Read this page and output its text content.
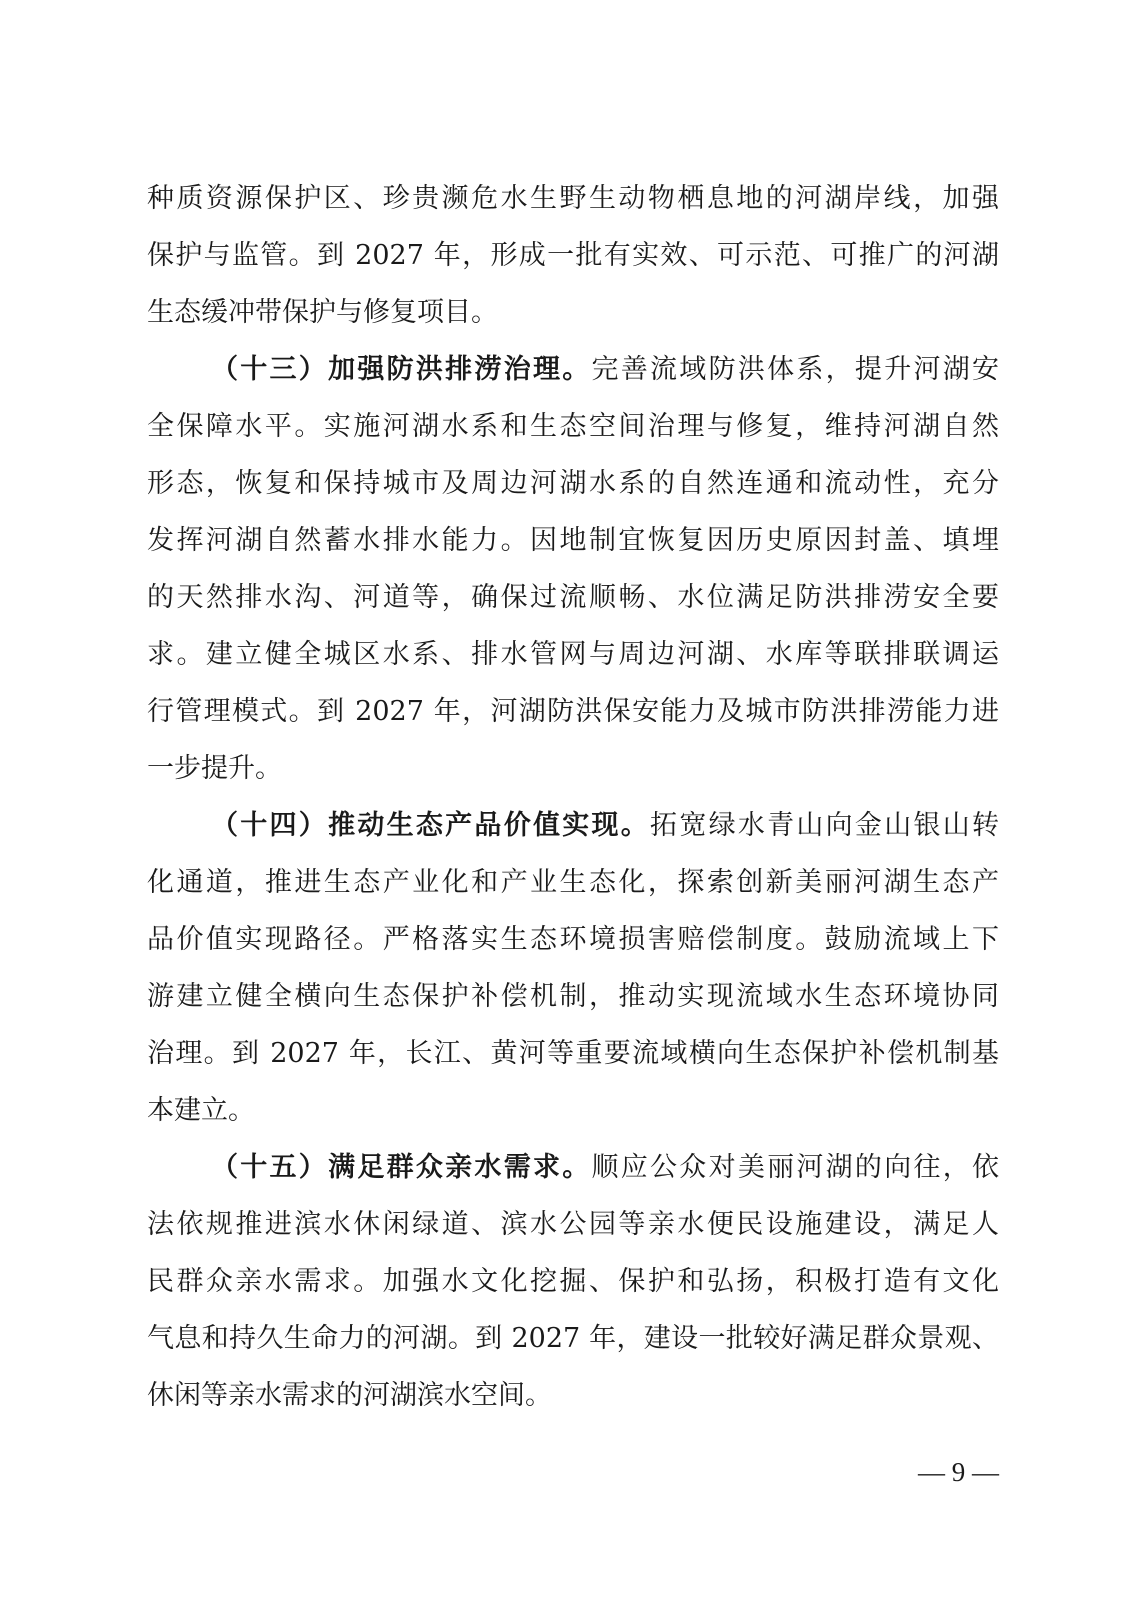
种质资源保护区、珍贵濒危水生野生动物栖息地的河湖岸线，加强
保护与监管。到 2027 年，形成一批有实效、可示范、可推广的河湖
生态缓冲带保护与修复项目。
（十三）加强防洪排涝治理。完善流域防洪体系，提升河湖安
全保障水平。实施河湖水系和生态空间治理与修复，维持河湖自然
形态，恢复和保持城市及周边河湖水系的自然连通和流动性，充分
发挥河湖自然蓄水排水能力。因地制宜恢复因历史原因封盖、填埋
的天然排水沟、河道等，确保过流顺畅、水位满足防洪排涝安全要
求。建立健全城区水系、排水管网与周边河湖、水库等联排联调运
行管理模式。到 2027 年，河湖防洪保安能力及城市防洪排涝能力进
一步提升。
（十四）推动生态产品价值实现。拓宽绿水青山向金山银山转
化通道，推进生态产业化和产业生态化，探索创新美丽河湖生态产
品价值实现路径。严格落实生态环境损害赔偿制度。鼓励流域上下
游建立健全横向生态保护补偿机制，推动实现流域水生态环境协同
治理。到 2027 年，长江、黄河等重要流域横向生态保护补偿机制基
本建立。
（十五）满足群众亲水需求。顺应公众对美丽河湖的向往，依
法依规推进滨水休闲绿道、滨水公园等亲水便民设施建设，满足人
民群众亲水需求。加强水文化挖掘、保护和弘扬，积极打造有文化
气息和持久生命力的河湖。到 2027 年，建设一批较好满足群众景观、
休闲等亲水需求的河湖滨水空间。
— 9 —
